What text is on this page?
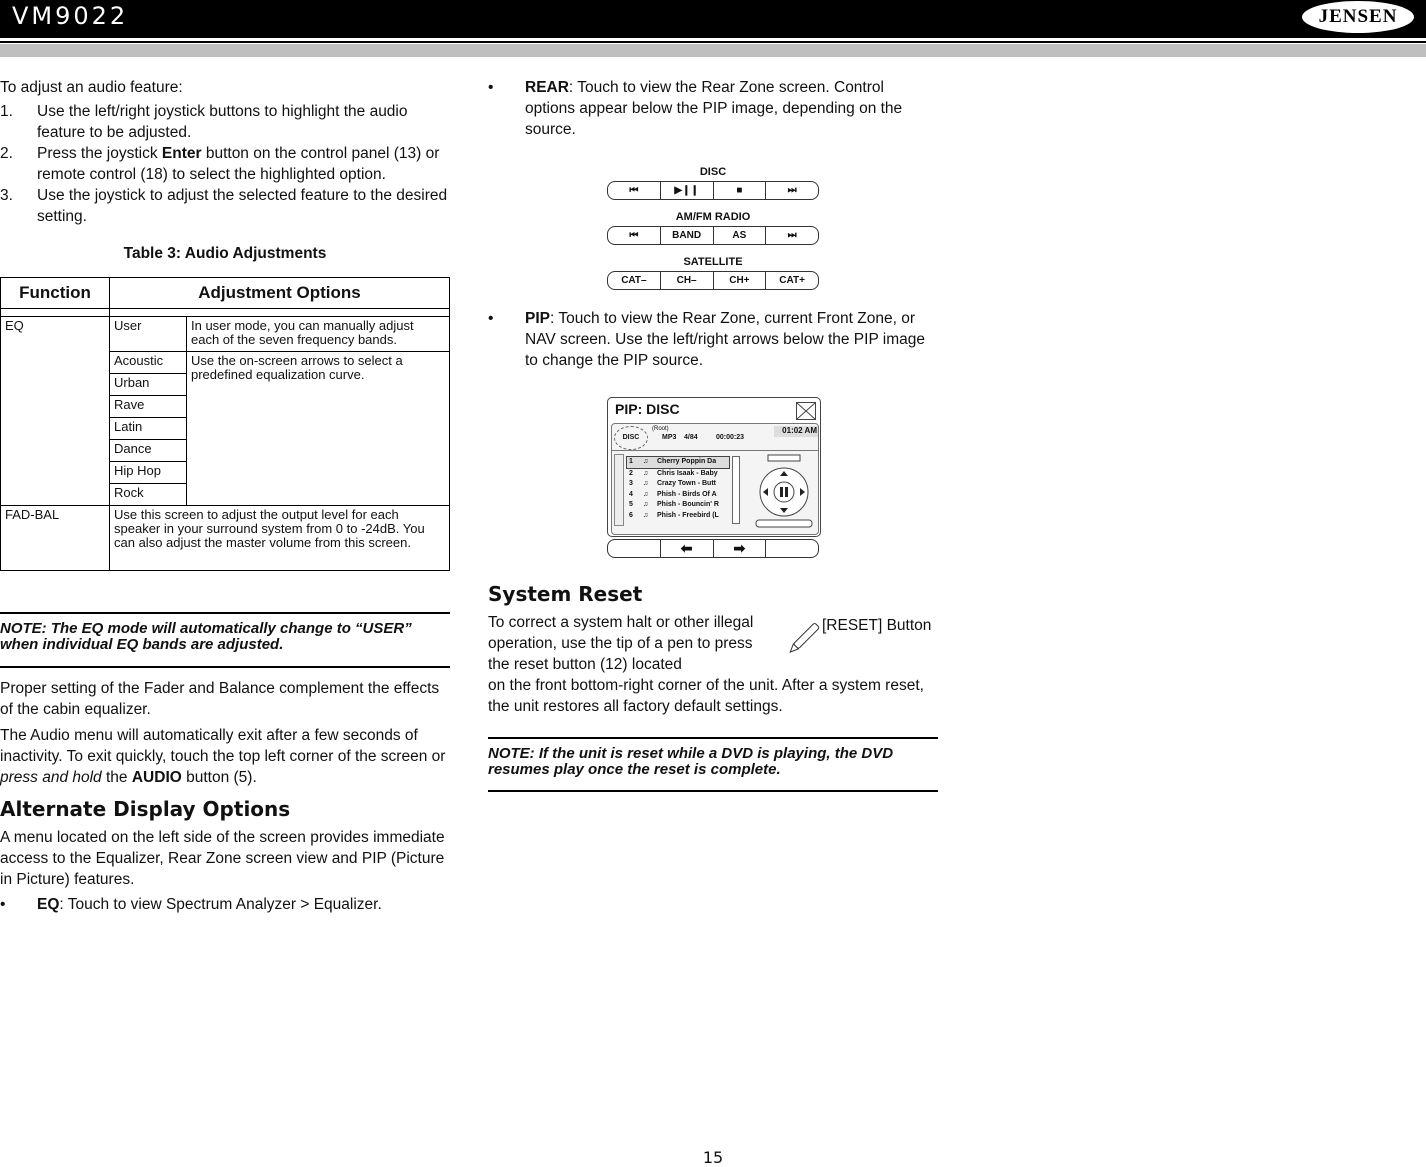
VM9022	JENSEN

To adjust an audio feature:

1. Use the left/right joystick buttons to highlight the audio feature to be adjusted.
2. Press the joystick Enter button on the control panel (13) or remote control (18) to select the highlighted option.
3. Use the joystick to adjust the selected feature to the desired setting.
Table 3: Audio Adjustments
Function	Adjustment Options	

EQ	User	In user mode, you can manually adjust each of the seven frequency bands.
	Acoustic	Use the on-screen arrows to select a predefined equalization curve.
	Urban	
	Rave	
	Latin	
	Dance	
	Hip Hop	
	Rock	
FAD-BAL	Use this screen to adjust the output level for each speaker in your surround system from 0 to -24dB. You can also adjust the master volume from this screen.	
NOTE: The EQ mode will automatically change to “USER” when individual EQ bands are adjusted.

Proper setting of the Fader and Balance complement the effects of the cabin equalizer.

The Audio menu will automatically exit after a few seconds of inactivity. To exit quickly, touch the top left corner of the screen or press and hold the AUDIO button (5).

Alternate Display Options

A menu located on the left side of the screen provides immediate access to the Equalizer, Rear Zone screen view and PIP (Picture in Picture) features.

• EQ: Touch to view Spectrum Analyzer > Equalizer.
• REAR: Touch to view the Rear Zone screen. Control options appear below the PIP image, depending on the source.
DISC
⏮	▶❙❙	■	⏭
AM/FM RADIO
⏮	BAND	AS	⏭
SATELLITE
CAT–	CH–	CH+	CAT+
• PIP: Touch to view the Rear Zone, current Front Zone, or NAV screen. Use the left/right arrows below the PIP image to change the PIP source.
PIP: DISC
DISC
(Root)
MP3 4/84	00:00:23
01:02 AM
1 ♫ Cherry Poppin Da
2 ♫ Chris Isaak - Baby
3 ♫ Crazy Town - Butt
4 ♫ Phish - Birds Of A
5 ♫ Phish - Bouncin' R
6 ♫ Phish - Freebird (L
⬅	➡
System Reset

To correct a system halt or other illegal operation, use the tip of a pen to press the reset button (12) located

[RESET] Button

on the front bottom-right corner of the unit. After a system reset, the unit restores all factory default settings.

NOTE: If the unit is reset while a DVD is playing, the DVD resumes play once the reset is complete.
15
